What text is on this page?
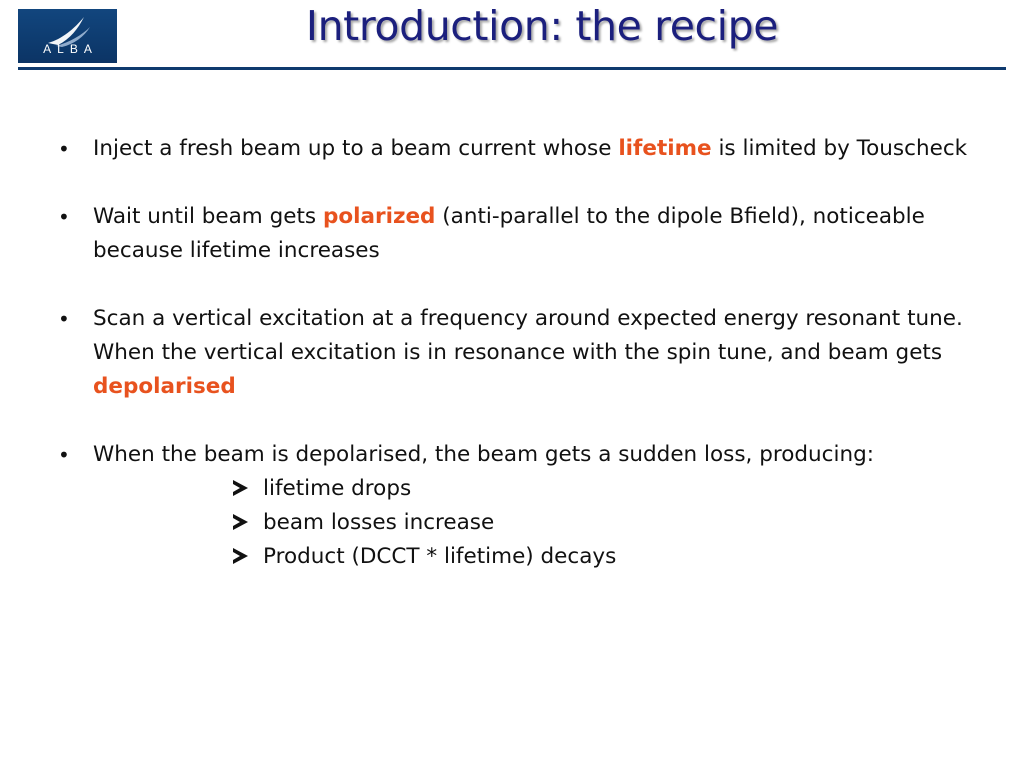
ALBA	Introduction: the recipe
• Inject a fresh beam up to a beam current whose lifetime is limited by Touscheck
• Wait until beam gets polarized (anti-parallel to the dipole Bfield), noticeable because lifetime increases
• Scan a vertical excitation at a frequency around expected energy resonant tune. When the vertical excitation is in resonance with the spin tune, and beam gets  depolarised
• When the beam is depolarised, the beam gets a sudden loss, producing:
lifetime drops
beam losses increase
Product (DCCT * lifetime) decays
